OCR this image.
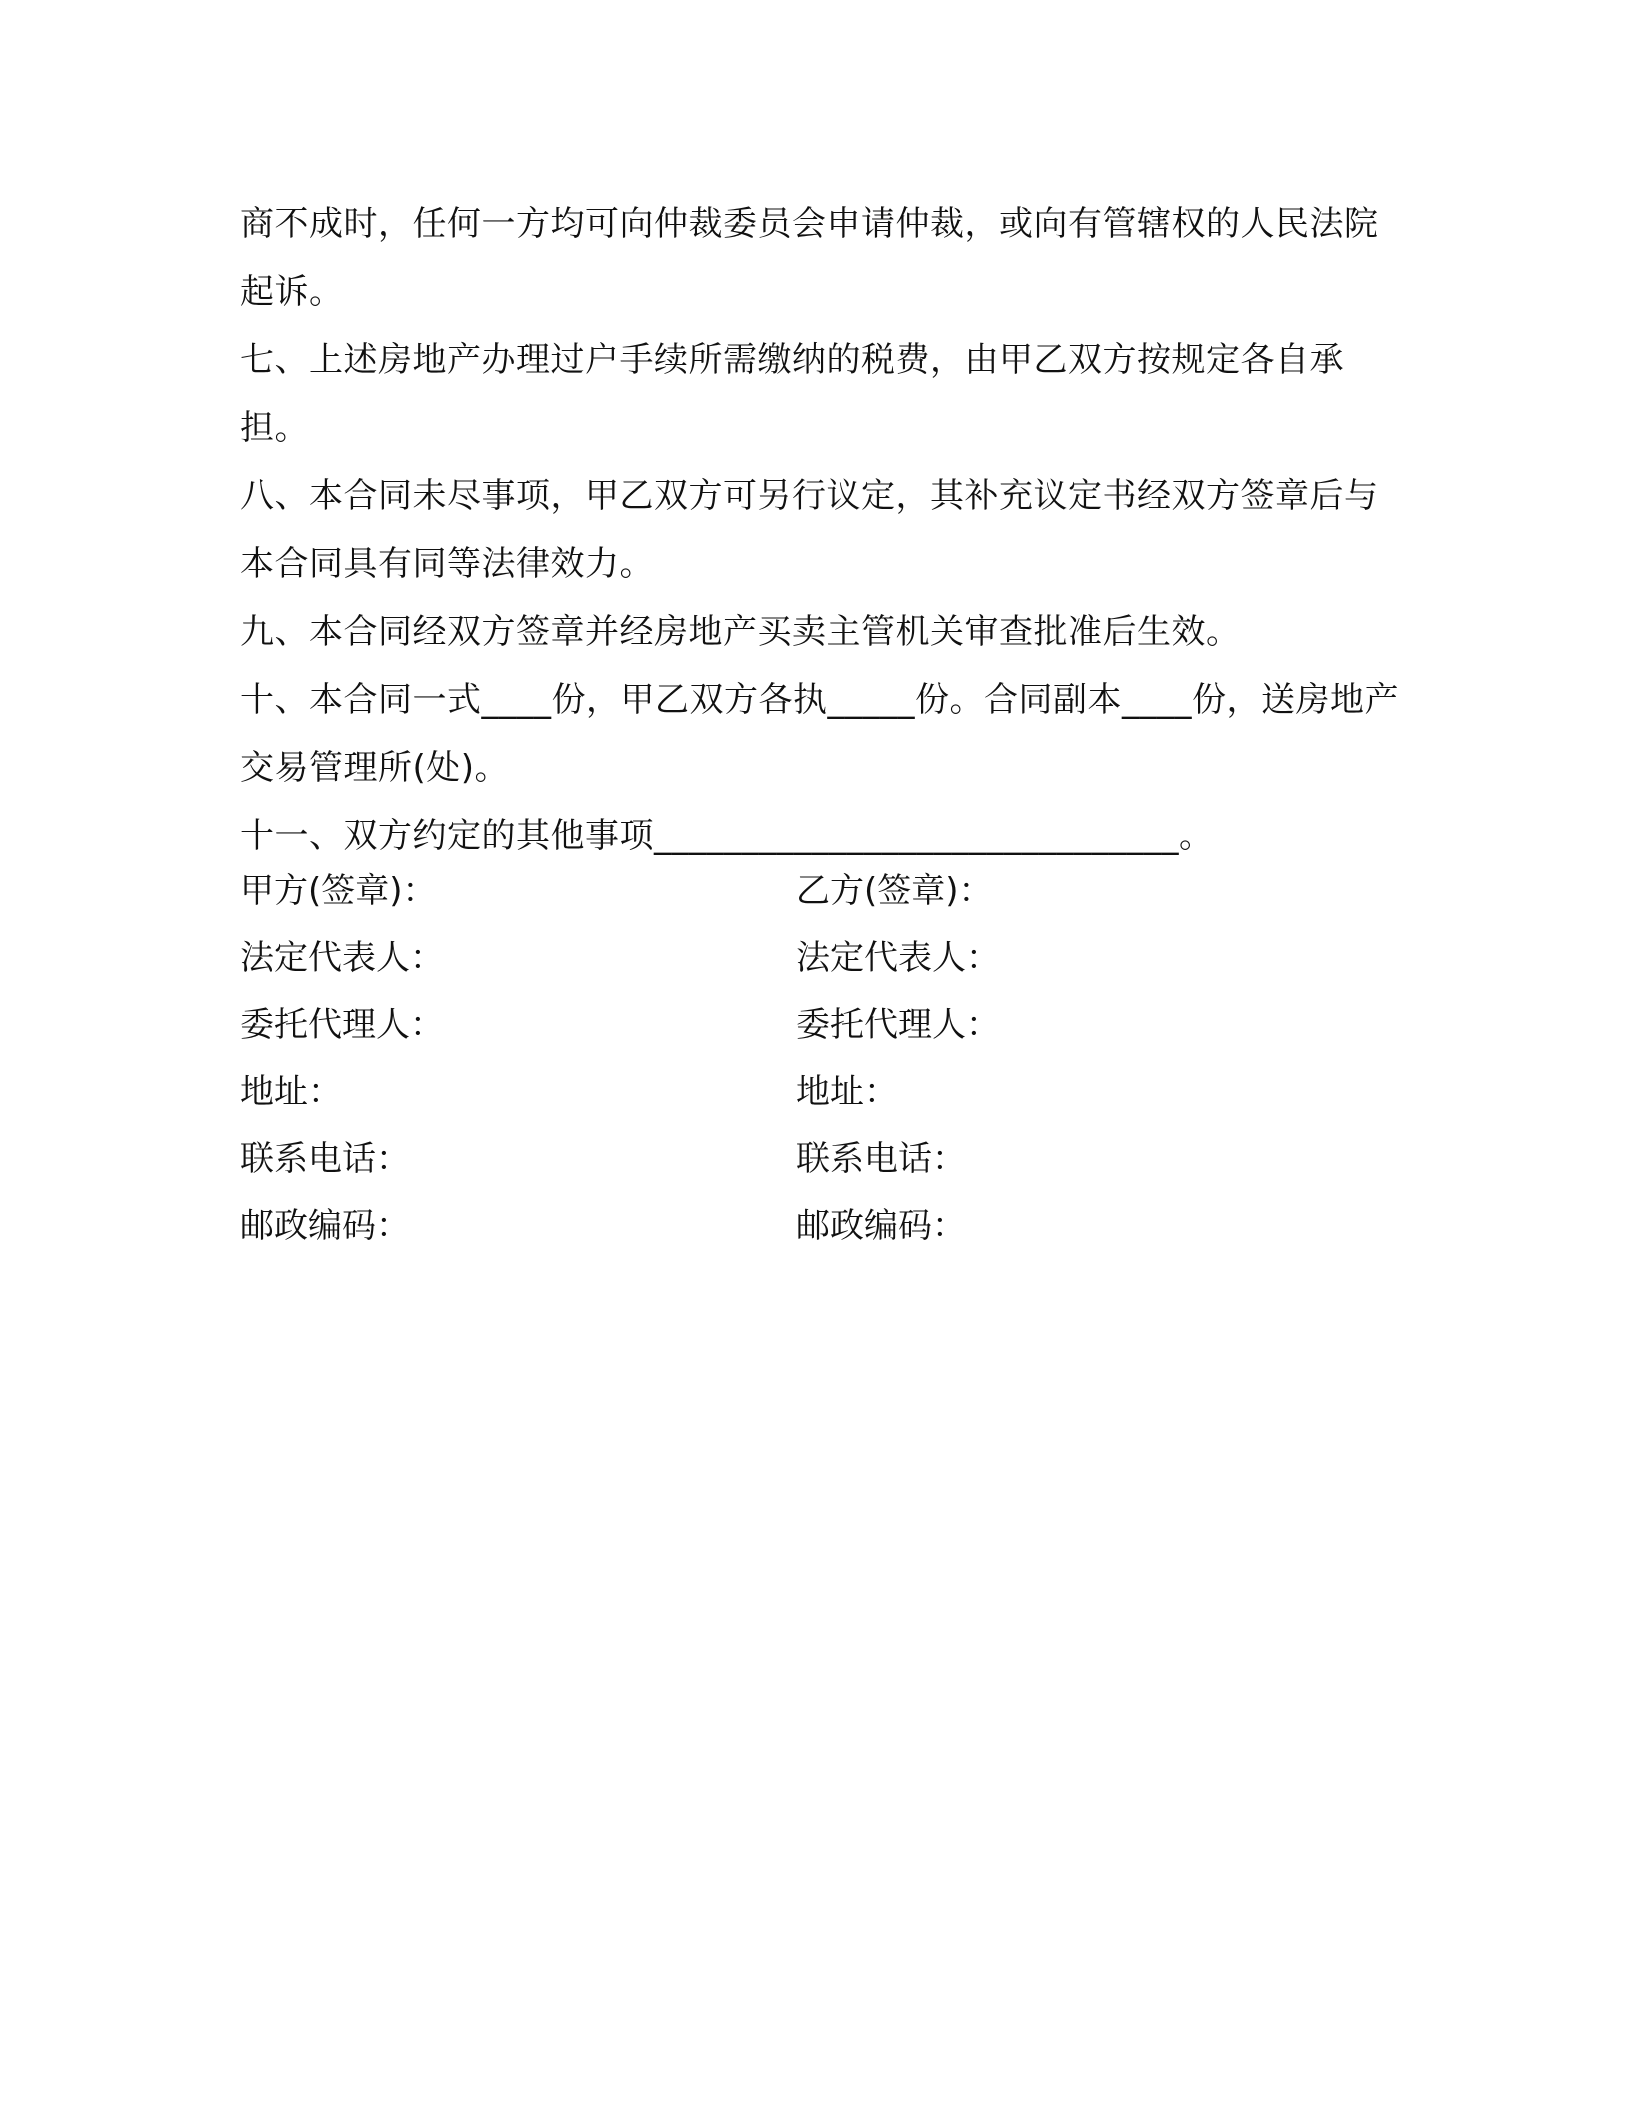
商不成时，任何一方均可向仲裁委员会申请仲裁，或向有管辖权的人民法院起诉。

七、上述房地产办理过户手续所需缴纳的税费，由甲乙双方按规定各自承担。

八、本合同未尽事项，甲乙双方可另行议定，其补充议定书经双方签章后与本合同具有同等法律效力。

九、本合同经双方签章并经房地产买卖主管机关审查批准后生效。

十、本合同一式____份，甲乙双方各执_____份。合同副本____份，送房地产交易管理所(处)。

十一、双方约定的其他事项______________________________。

甲方(签章)：	乙方(签章)：
法定代表人：	法定代表人：
委托代理人：	委托代理人：
地址：	地址：
联系电话：	联系电话：
邮政编码：	邮政编码：
